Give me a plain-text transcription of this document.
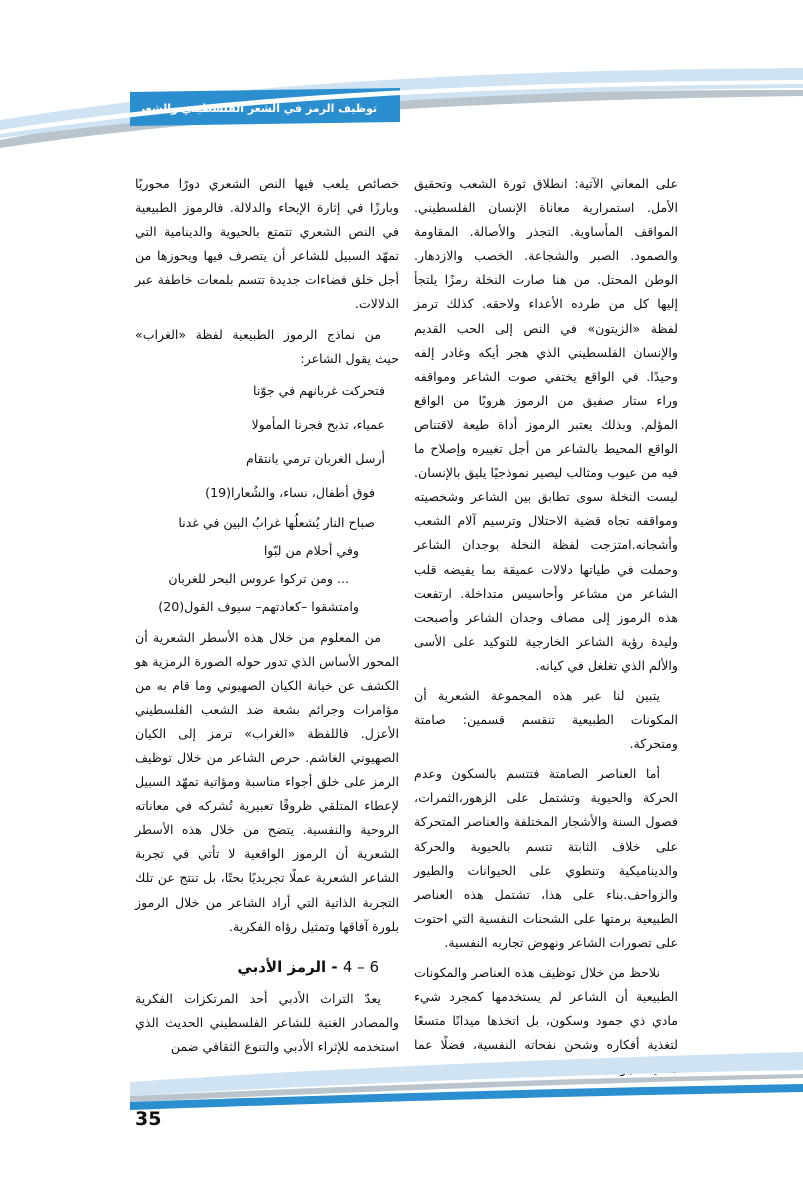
توظيف الرمز في الشعر الفلسطيني والشعر

على المعاني الآتية: انطلاق ثورة الشعب وتحقيق الأمل. استمرارية معاناة الإنسان الفلسطيني. المواقف المأساوية. التجذر والأصالة. المقاومة والصمود. الصبر والشجاعة. الخصب والازدهار. الوطن المحتل. من هنا صارت النخلة رمزًا يلتجأ إليها كل من طرده الأعداء ولاحقه. كذلك ترمز لفظة «الزيتون» في النص إلى الحب القديم والإنسان الفلسطيني الذي هجر أيكه وغادر إلفه وحيدًا. في الواقع يختفي صوت الشاعر ومواقفه وراء ستار صفيق من الرموز هروبًا من الواقع المؤلم. وبذلك يعتبر الرموز أداة طيعة لاقتناص الواقع المحيط بالشاعر من أجل تغييره وإصلاح ما فيه من عيوب ومثالب ليصير نموذجيًا يليق بالإنسان. ليست النخلة سوى تطابق بين الشاعر وشخصيته ومواقفه تجاه قضية الاحتلال وترسيم آلام الشعب وأشجانه.امتزجت لفظة النخلة بوجدان الشاعر وحملت في طياتها دلالات عميقة بما يفيضه قلب الشاعر من مشاعر وأحاسيس متداخلة. ارتفعت هذه الرموز إلى مصاف وجدان الشاعر وأصبحت وليدة رؤية الشاعر الخارجية للتوكيد على الأسى والألم الذي تغلغل في كيانه.

يتبين لنا عبر هذه المجموعة الشعرية أن المكونات الطبيعية تنقسم قسمين: صامتة ومتحركة.

أما العناصر الصامتة فتتسم بالسكون وعدم الحركة والحيوية وتشتمل على الزهور،الثمرات، فصول السنة والأشجار المختلفة والعناصر المتحركة على خلاف الثابتة تتسم بالحيوية والحركة والديناميكية وتنطوي على الحيوانات والطيور والزواحف.بناء على هذا، تشتمل هذه العناصر الطبيعية برمتها على الشحنات النفسية التي احتوت على تصورات الشاعر ونهوض تجاربه النفسية.

نلاحظ من خلال توظيف هذه العناصر والمكونات الطبيعية أن الشاعر لم يستخدمها كمجرد شيء مادي ذي جمود وسكون، بل اتخذها ميدانًا متسعًا لتغذية أفكاره وشحن نفحاته النفسية، فضلًا عما

خصائص يلعب فيها النص الشعري دورًا محوريًا وبارزًا في إثارة الإيحاء والدلالة. فالرموز الطبيعية في النص الشعري تتمتع بالحيوية والدينامية التي تمهّد السبيل للشاعر أن يتصرف فيها ويحوزها من أجل خلق فضاءات جديدة تتسم بلمعات خاطفة عبر الدلالات.

من نماذج الرموز الطبيعية لفظة «الغراب» حيث يقول الشاعر:

فتحركت غربانهم في جوّنا

عمياء، تذبح فجرنا المأمولا

أرسل الغربان ترمي بانتقام

فوق أطفال، نساء، والشُعارا(19)

صباح النار يُشعلُها غرابُ البين في غدنا

وفي أحلام من لبّوا

... ومن تركوا عروس البحر للغربان

وامتشقوا –كعادتهم– سيوف القول(20)

من المعلوم من خلال هذه الأسطر الشعرية أن المحور الأساس الذي تدور حوله الصورة الرمزية هو الكشف عن خيانة الكيان الصهيوني وما قام به من مؤامرات وجرائم بشعة ضد الشعب الفلسطيني الأعزل. فاللفظة «الغراب» ترمز إلى الكيان الصهيوني الغاشم. حرص الشاعر من خلال توظيف الرمز على خلق أجواء مناسبة ومؤاتية تمهّد السبيل لإعطاء المتلقي ظروفًا تعبيرية تُشركه في معاناته الروحية والنفسية. يتضح من خلال هذه الأسطر الشعرية أن الرموز الواقعية لا تأتي في تجربة الشاعر الشعرية عملًا تجريديًا بحتًا، بل تنتج عن تلك التجربة الذاتية التي أراد الشاعر من خلال الرموز بلورة آفاقها وتمثيل رؤاه الفكرية.

6 – 4 - الرمز الأدبي

يعدّ التراث الأدبي أحد المرتكزات الفكرية والمصادر الغنية للشاعر الفلسطيني الحديث الذي استخدمه للإثراء الأدبي والتنوع الثقافي ضمن

35
